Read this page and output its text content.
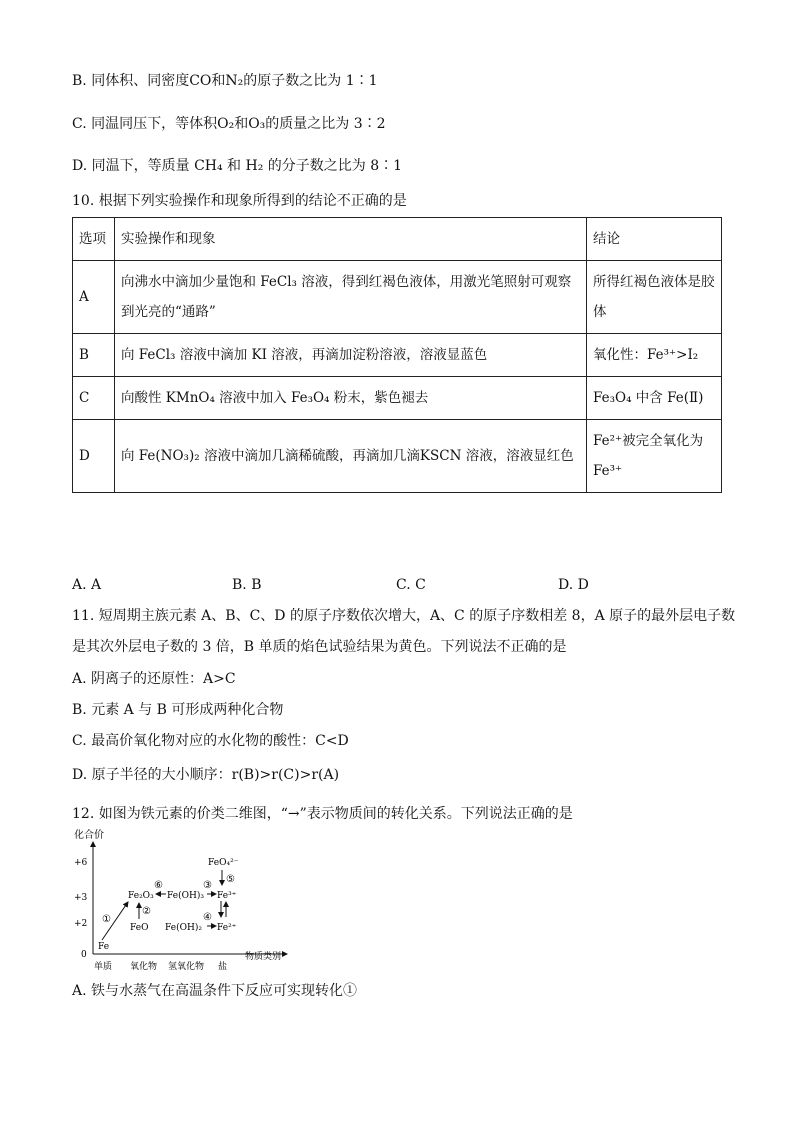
B. 同体积、同密度CO和N₂的原子数之比为 1∶1
C. 同温同压下，等体积O₂和O₃的质量之比为 3∶2
D. 同温下，等质量 CH₄ 和 H₂ 的分子数之比为 8∶1
10. 根据下列实验操作和现象所得到的结论不正确的是
选项	实验操作和现象	结论
A	向沸水中滴加少量饱和 FeCl₃ 溶液，得到红褐色液体，用激光笔照射可观察到光亮的“通路”	所得红褐色液体是胶体
B	向 FeCl₃ 溶液中滴加 KI 溶液，再滴加淀粉溶液，溶液显蓝色	氧化性：Fe³⁺>I₂
C	向酸性 KMnO₄ 溶液中加入 Fe₃O₄ 粉末，紫色褪去	Fe₃O₄ 中含 Fe(Ⅱ)
D	向 Fe(NO₃)₂ 溶液中滴加几滴稀硫酸，再滴加几滴KSCN 溶液，溶液显红色	Fe²⁺被完全氧化为Fe³⁺
A. A	B. B	C. C	D. D
11. 短周期主族元素 A、B、C、D 的原子序数依次增大，A、C 的原子序数相差 8，A 原子的最外层电子数
是其次外层电子数的 3 倍，B 单质的焰色试验结果为黄色。下列说法不正确的是
A. 阴离子的还原性：A>C
B. 元素 A 与 B 可形成两种化合物
C. 最高价氧化物对应的水化物的酸性：C<D
D. 原子半径的大小顺序：r(B)>r(C)>r(A)
12. 如图为铁元素的价类二维图，“→”表示物质间的转化关系。下列说法正确的是
化合价
物质类别
+6
+3
+2
0
单质 氧化物 氢氧化物 盐
Fe
Fe₂O₃
FeO
Fe(OH)₃
Fe(OH)₂
Fe³⁺
Fe²⁺
FeO₄²⁻
①
②
③
④
⑤
⑥
A. 铁与水蒸气在高温条件下反应可实现转化①
